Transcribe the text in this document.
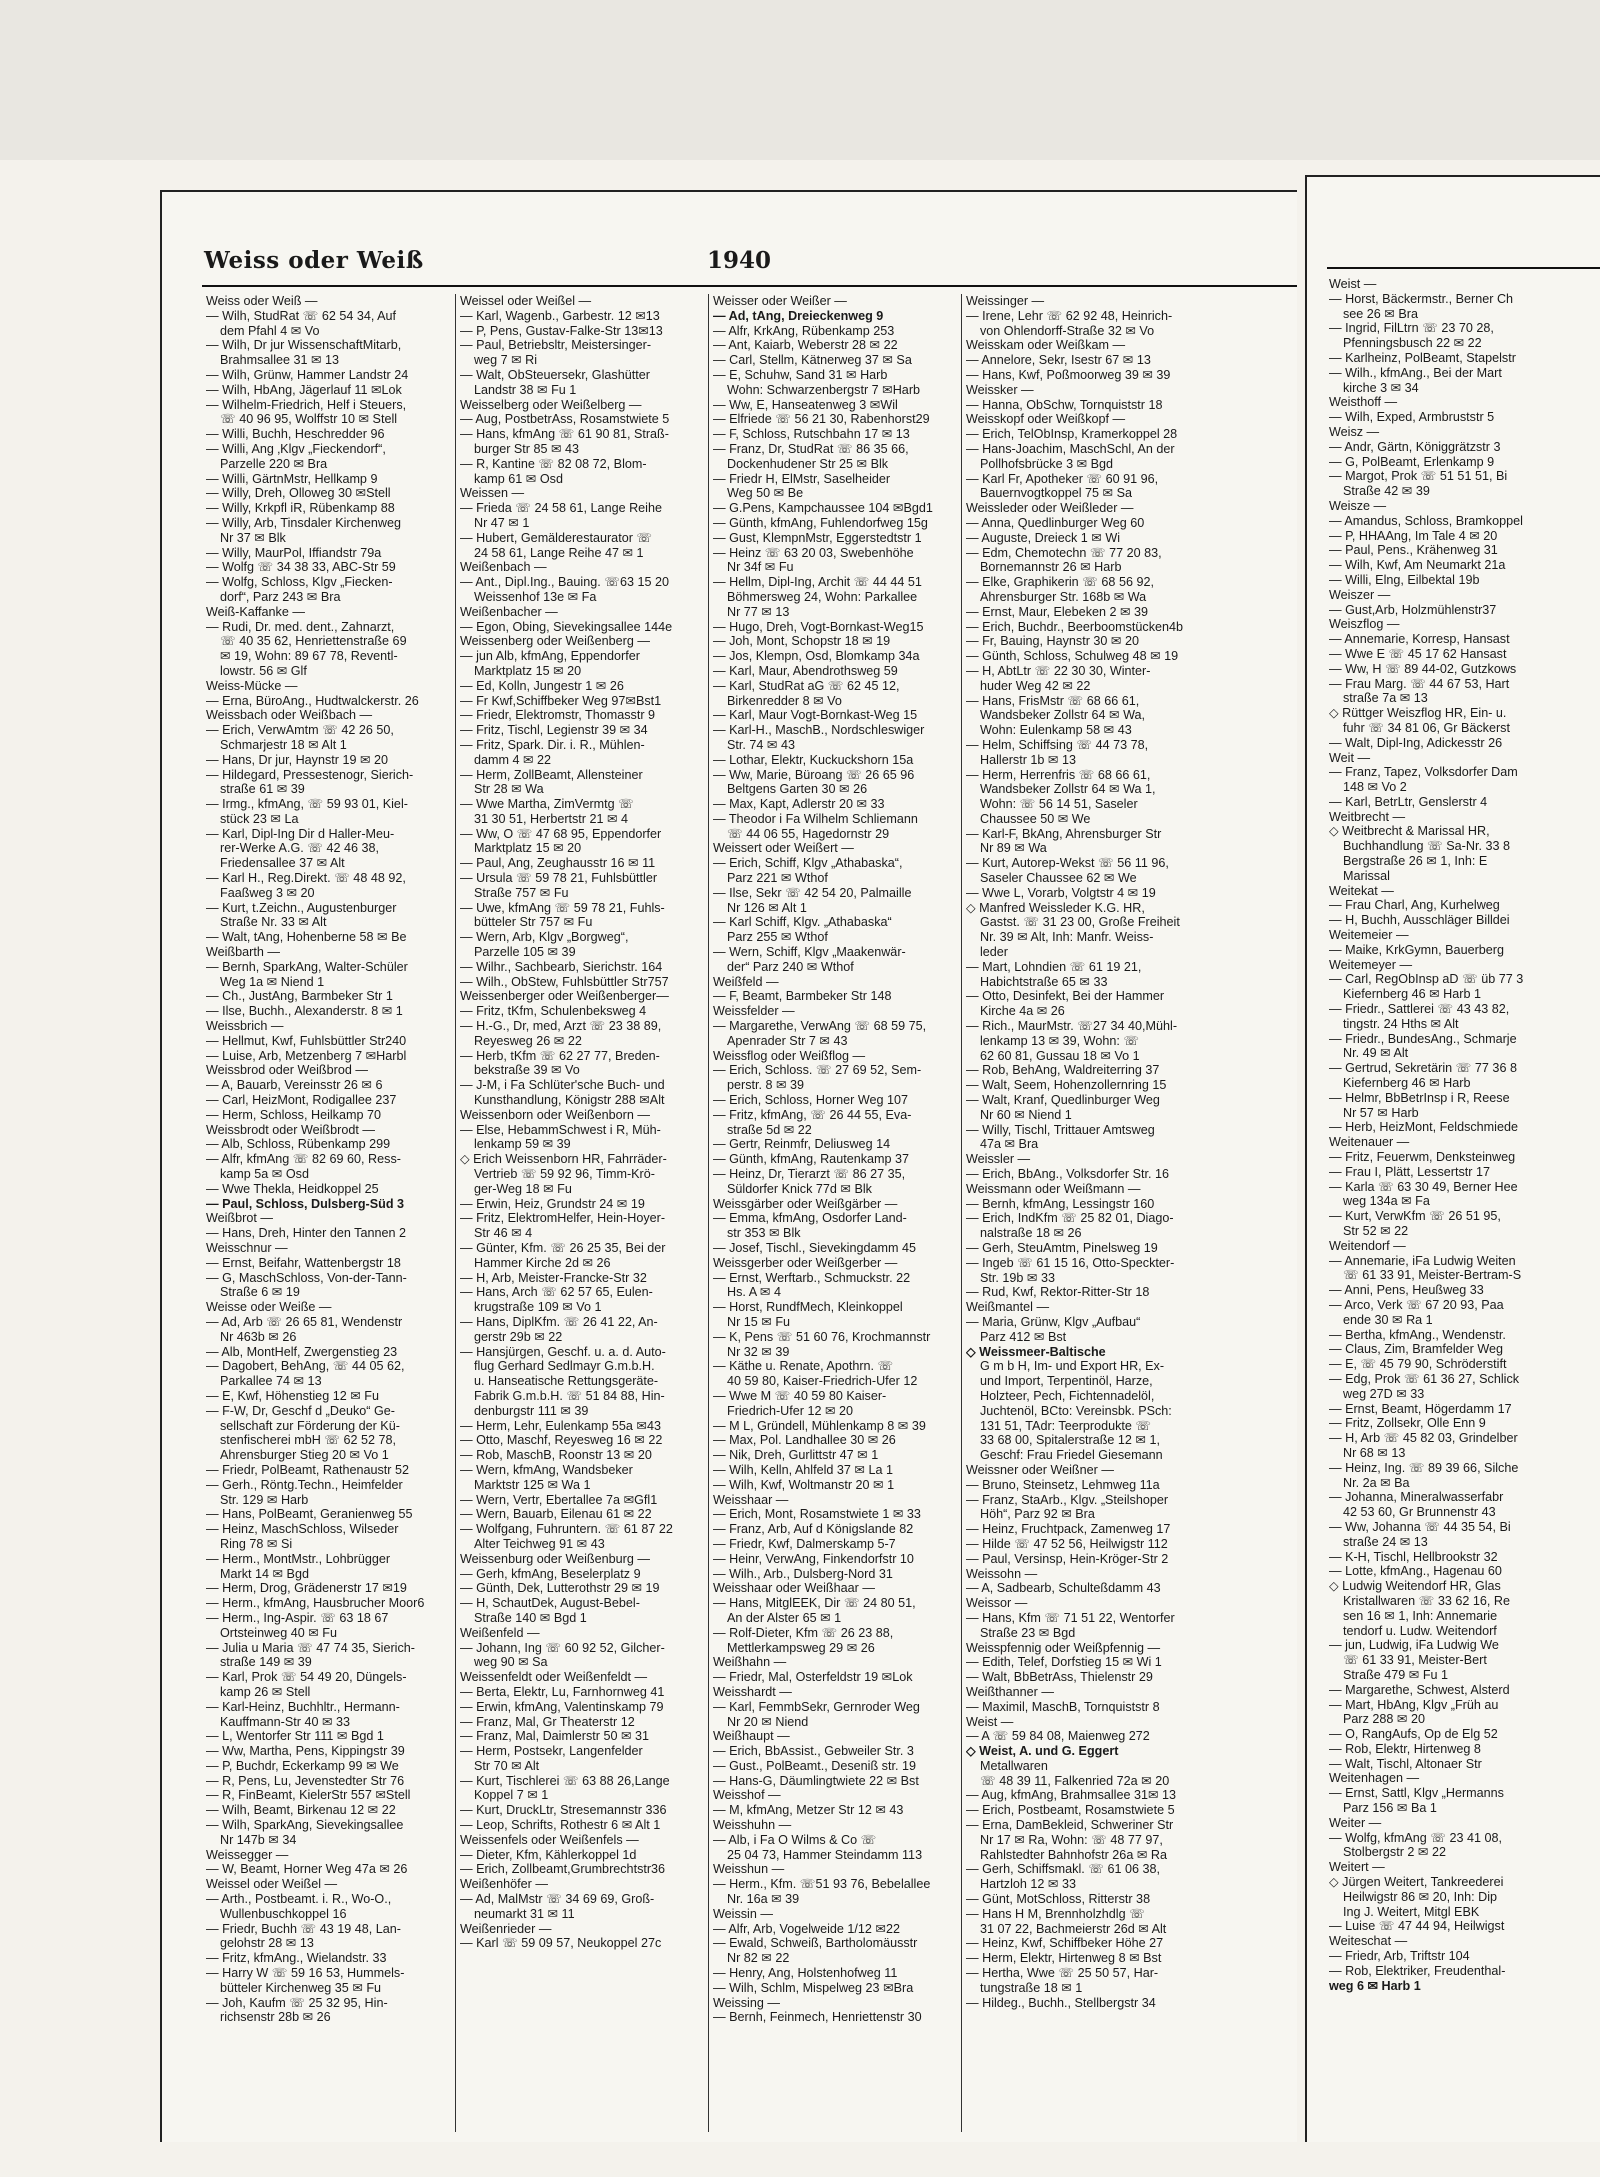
Weiss oder Weiß	1940
Weiss oder Weiß —
— Wilh, StudRat ☏ 62 54 34, Auf
dem Pfahl 4 ✉ Vo
— Wilh, Dr jur WissenschaftMitarb,
Brahmsallee 31 ✉ 13
— Wilh, Grünw, Hammer Landstr 24
— Wilh, HbAng, Jägerlauf 11 ✉Lok
— Wilhelm-Friedrich, Helf i Steuers,
☏ 40 96 95, Wolffstr 10 ✉ Stell
— Willi, Buchh, Heschredder 96
— Willi, Ang ‚Klgv „Fieckendorf“,
Parzelle 220 ✉ Bra
— Willi, GärtnMstr, Hellkamp 9
— Willy, Dreh, Olloweg 30 ✉Stell
— Willy, Krkpfl iR, Rübenkamp 88
— Willy, Arb, Tinsdaler Kirchenweg
Nr 37 ✉ Blk
— Willy, MaurPol, Iffiandstr 79a
— Wolfg ☏ 34 38 33, ABC-Str 59
— Wolfg, Schloss, Klgv „Fiecken-
dorf“, Parz 243 ✉ Bra
Weiß-Kaffanke —
— Rudi, Dr. med. dent., Zahnarzt,
☏ 40 35 62, Henriettenstraße 69
✉ 19, Wohn: 89 67 78, Reventl-
lowstr. 56 ✉ Glf
Weiss-Mücke —
— Erna, BüroAng., Hudtwalckerstr. 26
Weissbach oder Weißbach —
— Erich, VerwAmtm ☏ 42 26 50,
Schmarjestr 18 ✉ Alt 1
— Hans, Dr jur, Haynstr 19 ✉ 20
— Hildegard, Pressestenogr, Sierich-
straße 61 ✉ 39
— Irmg., kfmAng, ☏ 59 93 01, Kiel-
stück 23 ✉ La
— Karl, Dipl-Ing Dir d Haller-Meu-
rer-Werke A.G. ☏ 42 46 38,
Friedensallee 37 ✉ Alt
— Karl H., Reg.Direkt. ☏ 48 48 92,
Faaßweg 3 ✉ 20
— Kurt, t.Zeichn., Augustenburger
Straße Nr. 33 ✉ Alt
— Walt, tAng, Hohenberne 58 ✉ Be
Weißbarth —
— Bernh, SparkAng, Walter-Schüler
Weg 1a ✉ Niend 1
— Ch., JustAng, Barmbeker Str 1
— Ilse, Buchh., Alexanderstr. 8 ✉ 1
Weissbrich —
— Hellmut, Kwf, Fuhlsbüttler Str240
— Luise, Arb, Metzenberg 7 ✉Harbl
Weissbrod oder Weißbrod —
— A, Bauarb, Vereinsstr 26 ✉ 6
— Carl, HeizMont, Rodigallee 237
— Herm, Schloss, Heilkamp 70
Weissbrodt oder Weißbrodt —
— Alb, Schloss, Rübenkamp 299
— Alfr, kfmAng ☏ 82 69 60, Ress-
kamp 5a ✉ Osd
— Wwe Thekla, Heidkoppel 25
— Paul, Schloss, Dulsberg-Süd 3
Weißbrot —
— Hans, Dreh, Hinter den Tannen 2
Weisschnur —
— Ernst, Beifahr, Wattenbergstr 18
— G, MaschSchloss, Von-der-Tann-
Straße 6 ✉ 19
Weisse oder Weiße —
— Ad, Arb ☏ 26 65 81, Wendenstr
Nr 463b ✉ 26
— Alb, MontHelf, Zwergenstieg 23
— Dagobert, BehAng, ☏ 44 05 62,
Parkallee 74 ✉ 13
— E, Kwf, Höhenstieg 12 ✉ Fu
— F-W, Dr, Geschf d „Deuko“ Ge-
sellschaft zur Förderung der Kü-
stenfischerei mbH ☏ 62 52 78,
Ahrensburger Stieg 20 ✉ Vo 1
— Friedr, PolBeamt, Rathenaustr 52
— Gerh., Röntg.Techn., Heimfelder
Str. 129 ✉ Harb
— Hans, PolBeamt, Geranienweg 55
— Heinz, MaschSchloss, Wilseder
Ring 78 ✉ Si
— Herm., MontMstr., Lohbrügger
Markt 14 ✉ Bgd
— Herm, Drog, Grädenerstr 17 ✉19
— Herm., kfmAng, Hausbrucher Moor6
— Herm., Ing-Aspir. ☏ 63 18 67
Ortsteinweg 40 ✉ Fu
— Julia u Maria ☏ 47 74 35, Sierich-
straße 149 ✉ 39
— Karl, Prok ☏ 54 49 20, Düngels-
kamp 26 ✉ Stell
— Karl-Heinz, Buchhltr., Hermann-
Kauffmann-Str 40 ✉ 33
— L, Wentorfer Str 111 ✉ Bgd 1
— Ww, Martha, Pens, Kippingstr 39
— P, Buchdr, Eckerkamp 99 ✉ We
— R, Pens, Lu, Jevenstedter Str 76
— R, FinBeamt, KielerStr 557 ✉Stell
— Wilh, Beamt, Birkenau 12 ✉ 22
— Wilh, SparkAng, Sievekingsallee
Nr 147b ✉ 34
Weissegger —
— W, Beamt, Horner Weg 47a ✉ 26
Weissel oder Weißel —
— Arth., Postbeamt. i. R., Wo-O.,
Wullenbuschkoppel 16
— Friedr, Buchh ☏ 43 19 48, Lan-
gelohstr 28 ✉ 13
— Fritz, kfmAng., Wielandstr. 33
— Harry W ☏ 59 16 53, Hummels-
bütteler Kirchenweg 35 ✉ Fu
— Joh, Kaufm ☏ 25 32 95, Hin-
richsenstr 28b ✉ 26
Weissel oder Weißel —
— Karl, Wagenb., Garbestr. 12 ✉13
— P, Pens, Gustav-Falke-Str 13✉13
— Paul, Betriebsltr, Meistersinger-
weg 7 ✉ Ri
— Walt, ObSteuersekr, Glashütter
Landstr 38 ✉ Fu 1
Weisselberg oder Weißelberg —
— Aug, PostbetrAss, Rosamstwiete 5
— Hans, kfmAng ☏ 61 90 81, Straß-
burger Str 85 ✉ 43
— R, Kantine ☏ 82 08 72, Blom-
kamp 61 ✉ Osd
Weissen —
— Frieda ☏ 24 58 61, Lange Reihe
Nr 47 ✉ 1
— Hubert, Gemälderestaurator ☏
24 58 61, Lange Reihe 47 ✉ 1
Weißenbach —
— Ant., Dipl.Ing., Bauing. ☏63 15 20
Weissenhof 13e ✉ Fa
Weißenbacher —
— Egon, Obing, Sievekingsallee 144e
Weissenberg oder Weißenberg —
— jun Alb, kfmAng, Eppendorfer
Marktplatz 15 ✉ 20
— Ed, Kolln, Jungestr 1 ✉ 26
— Fr Kwf,Schiffbeker Weg 97✉Bst1
— Friedr, Elektromstr, Thomasstr 9
— Fritz, Tischl, Legienstr 39 ✉ 34
— Fritz, Spark. Dir. i. R., Mühlen-
damm 4 ✉ 22
— Herm, ZollBeamt, Allensteiner
Str 28 ✉ Wa
— Wwe Martha, ZimVermtg ☏
31 30 51, Herbertstr 21 ✉ 4
— Ww, O ☏ 47 68 95, Eppendorfer
Marktplatz 15 ✉ 20
— Paul, Ang, Zeughausstr 16 ✉ 11
— Ursula ☏ 59 78 21, Fuhlsbüttler
Straße 757 ✉ Fu
— Uwe, kfmAng ☏ 59 78 21, Fuhls-
bütteler Str 757 ✉ Fu
— Wern, Arb, Klgv „Borgweg“,
Parzelle 105 ✉ 39
— Wilhr., Sachbearb, Sierichstr. 164
— Wilh., ObStew, Fuhlsbüttler Str757
Weissenberger oder Weißenberger—
— Fritz, tKfm, Schulenbeksweg 4
— H.-G., Dr, med, Arzt ☏ 23 38 89,
Reyesweg 26 ✉ 22
— Herb, tKfm ☏ 62 27 77, Breden-
bekstraße 39 ✉ Vo
— J-M, i Fa Schlüter'sche Buch- und
Kunsthandlung, Königstr 288 ✉Alt
Weissenborn oder Weißenborn —
— Else, HebammSchwest i R, Müh-
lenkamp 59 ✉ 39
◇ Erich Weissenborn HR, Fahrräder-
Vertrieb ☏ 59 92 96, Timm-Krö-
ger-Weg 18 ✉ Fu
— Erwin, Heiz, Grundstr 24 ✉ 19
— Fritz, ElektromHelfer, Hein-Hoyer-
Str 46 ✉ 4
— Günter, Kfm. ☏ 26 25 35, Bei der
Hammer Kirche 2d ✉ 26
— H, Arb, Meister-Francke-Str 32
— Hans, Arch ☏ 62 57 65, Eulen-
krugstraße 109 ✉ Vo 1
— Hans, DiplKfm. ☏ 26 41 22, An-
gerstr 29b ✉ 22
— Hansjürgen, Geschf. u. a. d. Auto-
flug Gerhard Sedlmayr G.m.b.H.
u. Hanseatische Rettungsgeräte-
Fabrik G.m.b.H. ☏ 51 84 88, Hin-
denburgstr 111 ✉ 39
— Herm, Lehr, Eulenkamp 55a ✉43
— Otto, Maschf, Reyesweg 16 ✉ 22
— Rob, MaschB, Roonstr 13 ✉ 20
— Wern, kfmAng, Wandsbeker
Marktstr 125 ✉ Wa 1
— Wern, Vertr, Ebertallee 7a ✉Gfl1
— Wern, Bauarb, Eilenau 61 ✉ 22
— Wolfgang, Fuhruntern. ☏ 61 87 22
Alter Teichweg 91 ✉ 43
Weissenburg oder Weißenburg —
— Gerh, kfmAng, Beselerplatz 9
— Günth, Dek, Lutterothstr 29 ✉ 19
— H, SchautDek, August-Bebel-
Straße 140 ✉ Bgd 1
Weißenfeld —
— Johann, Ing ☏ 60 92 52, Gilcher-
weg 90 ✉ Sa
Weissenfeldt oder Weißenfeldt —
— Berta, Elektr, Lu, Farnhornweg 41
— Erwin, kfmAng, Valentinskamp 79
— Franz, Mal, Gr Theaterstr 12
— Franz, Mal, Daimlerstr 50 ✉ 31
— Herm, Postsekr, Langenfelder
Str 70 ✉ Alt
— Kurt, Tischlerei ☏ 63 88 26,Lange
Koppel 7 ✉ 1
— Kurt, DruckLtr, Stresemannstr 336
— Leop, Schrifts, Rothestr 6 ✉ Alt 1
Weissenfels oder Weißenfels —
— Dieter, Kfm, Kählerkoppel 1d
— Erich, Zollbeamt,Grumbrechtstr36
Weißenhöfer —
— Ad, MalMstr ☏ 34 69 69, Groß-
neumarkt 31 ✉ 11
Weißenrieder —
— Karl ☏ 59 09 57, Neukoppel 27c
Weisser oder Weißer —
— Ad, tAng, Dreieckenweg 9
— Alfr, KrkAng, Rübenkamp 253
— Ant, Kaiarb, Weberstr 28 ✉ 22
— Carl, Stellm, Kätnerweg 37 ✉ Sa
— E, Schuhw, Sand 31 ✉ Harb
Wohn: Schwarzenbergstr 7 ✉Harb
— Ww, E, Hanseatenweg 3 ✉Wil
— Elfriede ☏ 56 21 30, Rabenhorst29
— F, Schloss, Rutschbahn 17 ✉ 13
— Franz, Dr, StudRat ☏ 86 35 66,
Dockenhudener Str 25 ✉ Blk
— Friedr H, ElMstr, Saselheider
Weg 50 ✉ Be
— G.Pens, Kampchaussee 104 ✉Bgd1
— Günth, kfmAng, Fuhlendorfweg 15g
— Gust, KlempnMstr, Eggerstedtstr 1
— Heinz ☏ 63 20 03, Swebenhöhe
Nr 34f ✉ Fu
— Hellm, Dipl-Ing, Archit ☏ 44 44 51
Böhmersweg 24, Wohn: Parkallee
Nr 77 ✉ 13
— Hugo, Dreh, Vogt-Bornkast-Weg15
— Joh, Mont, Schopstr 18 ✉ 19
— Jos, Klempn, Osd, Blomkamp 34a
— Karl, Maur, Abendrothsweg 59
— Karl, StudRat aG ☏ 62 45 12,
Birkenredder 8 ✉ Vo
— Karl, Maur Vogt-Bornkast-Weg 15
— Karl-H., MaschB., Nordschleswiger
Str. 74 ✉ 43
— Lothar, Elektr, Kuckuckshorn 15a
— Ww, Marie, Büroang ☏ 26 65 96
Beltgens Garten 30 ✉ 26
— Max, Kapt, Adlerstr 20 ✉ 33
— Theodor i Fa Wilhelm Schliemann
☏ 44 06 55, Hagedornstr 29
Weissert oder Weißert —
— Erich, Schiff, Klgv „Athabaska“,
Parz 221 ✉ Wthof
— Ilse, Sekr ☏ 42 54 20, Palmaille
Nr 126 ✉ Alt 1
— Karl Schiff, Klgv. „Athabaska“
Parz 255 ✉ Wthof
— Wern, Schiff, Klgv „Maakenwär-
der“ Parz 240 ✉ Wthof
Weißfeld —
— F, Beamt, Barmbeker Str 148
Weissfelder —
— Margarethe, VerwAng ☏ 68 59 75,
Apenrader Str 7 ✉ 43
Weissflog oder Weißflog —
— Erich, Schloss. ☏ 27 69 52, Sem-
perstr. 8 ✉ 39
— Erich, Schloss, Horner Weg 107
— Fritz, kfmAng, ☏ 26 44 55, Eva-
straße 5d ✉ 22
— Gertr, Reinmfr, Deliusweg 14
— Günth, kfmAng, Rautenkamp 37
— Heinz, Dr, Tierarzt ☏ 86 27 35,
Süldorfer Knick 77d ✉ Blk
Weissgärber oder Weißgärber —
— Emma, kfmAng, Osdorfer Land-
str 353 ✉ Blk
— Josef, Tischl., Sievekingdamm 45
Weissgerber oder Weißgerber —
— Ernst, Werftarb., Schmuckstr. 22
Hs. A ✉ 4
— Horst, RundfMech, Kleinkoppel
Nr 15 ✉ Fu
— K, Pens ☏ 51 60 76, Krochmannstr
Nr 32 ✉ 39
— Käthe u. Renate, Apothrn. ☏
40 59 80, Kaiser-Friedrich-Ufer 12
— Wwe M ☏ 40 59 80 Kaiser-
Friedrich-Ufer 12 ✉ 20
— M L, Gründell, Mühlenkamp 8 ✉ 39
— Max, Pol. Landhallee 30 ✉ 26
— Nik, Dreh, Gurlittstr 47 ✉ 1
— Wilh, Kelln, Ahlfeld 37 ✉ La 1
— Wilh, Kwf, Woltmanstr 20 ✉ 1
Weisshaar —
— Erich, Mont, Rosamstwiete 1 ✉ 33
— Franz, Arb, Auf d Königslande 82
— Friedr, Kwf, Dalmerskamp 5-7
— Heinr, VerwAng, Finkendorfstr 10
— Wilh., Arb., Dulsberg-Nord 31
Weisshaar oder Weißhaar —
— Hans, MitglEEK, Dir ☏ 24 80 51,
An der Alster 65 ✉ 1
— Rolf-Dieter, Kfm ☏ 26 23 88,
Mettlerkampsweg 29 ✉ 26
Weißhahn —
— Friedr, Mal, Osterfeldstr 19 ✉Lok
Weisshardt —
— Karl, FemmbSekr, Gernroder Weg
Nr 20 ✉ Niend
Weißhaupt —
— Erich, BbAssist., Gebweiler Str. 3
— Gust., PolBeamt., Deseniß str. 19
— Hans-G, Däumlingtwiete 22 ✉ Bst
Weisshof —
— M, kfmAng, Metzer Str 12 ✉ 43
Weisshuhn —
— Alb, i Fa O Wilms & Co ☏
25 04 73, Hammer Steindamm 113
Weisshun —
— Herm., Kfm. ☏51 93 76, Bebelallee
Nr. 16a ✉ 39
Weissin —
— Alfr, Arb, Vogelweide 1/12 ✉22
— Ewald, Schweiß, Bartholomäusstr
Nr 82 ✉ 22
— Henry, Ang, Holstenhofweg 11
— Wilh, Schlm, Mispelweg 23 ✉Bra
Weissing —
— Bernh, Feinmech, Henriettenstr 30
Weissinger —
— Irene, Lehr ☏ 62 92 48, Heinrich-
von Ohlendorff-Straße 32 ✉ Vo
Weisskam oder Weißkam —
— Annelore, Sekr, Isestr 67 ✉ 13
— Hans, Kwf, Poßmoorweg 39 ✉ 39
Weissker —
— Hanna, ObSchw, Tornquiststr 18
Weisskopf oder Weißkopf —
— Erich, TelObInsp, Kramerkoppel 28
— Hans-Joachim, MaschSchl, An der
Pollhofsbrücke 3 ✉ Bgd
— Karl Fr, Apotheker ☏ 60 91 96,
Bauernvogtkoppel 75 ✉ Sa
Weissleder oder Weißleder —
— Anna, Quedlinburger Weg 60
— Auguste, Dreieck 1 ✉ Wi
— Edm, Chemotechn ☏ 77 20 83,
Bornemannstr 26 ✉ Harb
— Elke, Graphikerin ☏ 68 56 92,
Ahrensburger Str. 168b ✉ Wa
— Ernst, Maur, Elebeken 2 ✉ 39
— Erich, Buchdr., Beerboomstücken4b
— Fr, Bauing, Haynstr 30 ✉ 20
— Günth, Schloss, Schulweg 48 ✉ 19
— H, AbtLtr ☏ 22 30 30, Winter-
huder Weg 42 ✉ 22
— Hans, FrisMstr ☏ 68 66 61,
Wandsbeker Zollstr 64 ✉ Wa,
Wohn: Eulenkamp 58 ✉ 43
— Helm, Schiffsing ☏ 44 73 78,
Hallerstr 1b ✉ 13
— Herm, Herrenfris ☏ 68 66 61,
Wandsbeker Zollstr 64 ✉ Wa 1,
Wohn: ☏ 56 14 51, Saseler
Chaussee 50 ✉ We
— Karl-F, BkAng, Ahrensburger Str
Nr 89 ✉ Wa
— Kurt, Autorep-Wekst ☏ 56 11 96,
Saseler Chaussee 62 ✉ We
— Wwe L, Vorarb, Volgtstr 4 ✉ 19
◇ Manfred Weissleder K.G. HR,
Gastst. ☏ 31 23 00, Große Freiheit
Nr. 39 ✉ Alt, Inh: Manfr. Weiss-
leder
— Mart, Lohndien ☏ 61 19 21,
Habichtstraße 65 ✉ 33
— Otto, Desinfekt, Bei der Hammer
Kirche 4a ✉ 26
— Rich., MaurMstr. ☏27 34 40,Mühl-
lenkamp 13 ✉ 39, Wohn: ☏
62 60 81, Gussau 18 ✉ Vo 1
— Rob, BehAng, Waldreiterring 37
— Walt, Seem, Hohenzollernring 15
— Walt, Kranf, Quedlinburger Weg
Nr 60 ✉ Niend 1
— Willy, Tischl, Trittauer Amtsweg
47a ✉ Bra
Weissler —
— Erich, BbAng., Volksdorfer Str. 16
Weissmann oder Weißmann —
— Bernh, kfmAng, Lessingstr 160
— Erich, IndKfm ☏ 25 82 01, Diago-
nalstraße 18 ✉ 26
— Gerh, SteuAmtm, Pinelsweg 19
— Ingeb ☏ 61 15 16, Otto-Speckter-
Str. 19b ✉ 33
— Rud, Kwf, Rektor-Ritter-Str 18
Weißmantel —
— Maria, Grünw, Klgv „Aufbau“
Parz 412 ✉ Bst
◇ Weissmeer-Baltische
G m b H, Im- und Export HR, Ex-
und Import, Terpentinöl, Harze,
Holzteer, Pech, Fichtennadelöl,
Juchtenöl, BCto: Vereinsbk. PSch:
131 51, TAdr: Teerprodukte ☏
33 68 00, Spitalerstraße 12 ✉ 1,
Geschf: Frau Friedel Giesemann
Weissner oder Weißner —
— Bruno, Steinsetz, Lehmweg 11a
— Franz, StaArb., Klgv. „Steilshoper
Höh“, Parz 92 ✉ Bra
— Heinz, Fruchtpack, Zamenweg 17
— Hilde ☏ 47 52 56, Heilwigstr 112
— Paul, Versinsp, Hein-Kröger-Str 2
Weissohn —
— A, Sadbearb, Schulteßdamm 43
Weissor —
— Hans, Kfm ☏ 71 51 22, Wentorfer
Straße 23 ✉ Bgd
Weisspfennig oder Weißpfennig —
— Edith, Telef, Dorfstieg 15 ✉ Wi 1
— Walt, BbBetrAss, Thielenstr 29
Weißthanner —
— Maximil, MaschB, Tornquiststr 8
Weist —
— A ☏ 59 84 08, Maienweg 272
◇ Weist, A. und G. Eggert
Metallwaren
☏ 48 39 11, Falkenried 72a ✉ 20
— Aug, kfmAng, Brahmsallee 31✉ 13
— Erich, Postbeamt, Rosamstwiete 5
— Erna, DamBekleid, Schweriner Str
Nr 17 ✉ Ra, Wohn: ☏ 48 77 97,
Rahlstedter Bahnhofstr 26a ✉ Ra
— Gerh, Schiffsmakl. ☏ 61 06 38,
Hartzloh 12 ✉ 33
— Günt, MotSchloss, Ritterstr 38
— Hans H M, Brennholzhdlg ☏
31 07 22, Bachmeierstr 26d ✉ Alt
— Heinz, Kwf, Schiffbeker Höhe 27
— Herm, Elektr, Hirtenweg 8 ✉ Bst
— Hertha, Wwe ☏ 25 50 57, Har-
tungstraße 18 ✉ 1
— Hildeg., Buchh., Stellbergstr 34
Weist —
— Horst, Bäckermstr., Berner Ch
see 26 ✉ Bra
— Ingrid, FilLtrn ☏ 23 70 28,
Pfenningsbusch 22 ✉ 22
— Karlheinz, PolBeamt, Stapelstr
— Wilh., kfmAng., Bei der Mart
kirche 3 ✉ 34
Weisthoff —
— Wilh, Exped, Armbruststr 5
Weisz —
— Andr, Gärtn, Königgrätzstr 3
— G, PolBeamt, Erlenkamp 9
— Margot, Prok ☏ 51 51 51, Bi
Straße 42 ✉ 39
Weisze —
— Amandus, Schloss, Bramkoppel
— P, HHAAng, Im Tale 4 ✉ 20
— Paul, Pens., Krähenweg 31
— Wilh, Kwf, Am Neumarkt 21a
— Willi, Elng, Eilbektal 19b
Weiszer —
— Gust,Arb, Holzmühlenstr37
Weiszflog —
— Annemarie, Korresp, Hansast
— Wwe E ☏ 45 17 62 Hansast
— Ww, H ☏ 89 44-02, Gutzkows
— Frau Marg. ☏ 44 67 53, Hart
straße 7a ✉ 13
◇ Rüttger Weiszflog HR, Ein- u.
fuhr ☏ 34 81 06, Gr Bäckerst
— Walt, Dipl-Ing, Adickesstr 26
Weit —
— Franz, Tapez, Volksdorfer Dam
148 ✉ Vo 2
— Karl, BetrLtr, Genslerstr 4
Weitbrecht —
◇ Weitbrecht & Marissal HR,
Buchhandlung ☏ Sa-Nr. 33 8
Bergstraße 26 ✉ 1, Inh: E
Marissal
Weitekat —
— Frau Charl, Ang, Kurhelweg
— H, Buchh, Ausschläger Billdei
Weitemeier —
— Maike, KrkGymn, Bauerberg
Weitemeyer —
— Carl, RegObInsp aD ☏ üb 77 3
Kiefernberg 46 ✉ Harb 1
— Friedr., Sattlerei ☏ 43 43 82,
tingstr. 24 Hths ✉ Alt
— Friedr., BundesAng., Schmarje
Nr. 49 ✉ Alt
— Gertrud, Sekretärin ☏ 77 36 8
Kiefernberg 46 ✉ Harb
— Helmr, BbBetrInsp i R, Reese
Nr 57 ✉ Harb
— Herb, HeizMont, Feldschmiede
Weitenauer —
— Fritz, Feuerwm, Denksteinweg
— Frau I, Plätt, Lessertstr 17
— Karla ☏ 63 30 49, Berner Hee
weg 134a ✉ Fa
— Kurt, VerwKfm ☏ 26 51 95,
Str 52 ✉ 22
Weitendorf —
— Annemarie, iFa Ludwig Weiten
☏ 61 33 91, Meister-Bertram-S
— Anni, Pens, Heußweg 33
— Arco, Verk ☏ 67 20 93, Paa
ende 30 ✉ Ra 1
— Bertha, kfmAng., Wendenstr.
— Claus, Zim, Bramfelder Weg
— E, ☏ 45 79 90, Schröderstift
— Edg, Prok ☏ 61 36 27, Schlick
weg 27D ✉ 33
— Ernst, Beamt, Högerdamm 17
— Fritz, Zollsekr, Olle Enn 9
— H, Arb ☏ 45 82 03, Grindelber
Nr 68 ✉ 13
— Heinz, Ing. ☏ 89 39 66, Silche
Nr. 2a ✉ Ba
— Johanna, Mineralwasserfabr
42 53 60, Gr Brunnenstr 43
— Ww, Johanna ☏ 44 35 54, Bi
straße 24 ✉ 13
— K-H, Tischl, Hellbrookstr 32
— Lotte, kfmAng., Hagenau 60
◇ Ludwig Weitendorf HR, Glas
Kristallwaren ☏ 33 62 16, Re
sen 16 ✉ 1, Inh: Annemarie
tendorf u. Ludw. Weitendorf
— jun, Ludwig, iFa Ludwig We
☏ 61 33 91, Meister-Bert
Straße 479 ✉ Fu 1
— Margarethe, Schwest, Alsterd
— Mart, HbAng, Klgv „Früh au
Parz 288 ✉ 20
— O, RangAufs, Op de Elg 52
— Rob, Elektr, Hirtenweg 8
— Walt, Tischl, Altonaer Str
Weitenhagen —
— Ernst, Sattl, Klgv „Hermanns
Parz 156 ✉ Ba 1
Weiter —
— Wolfg, kfmAng ☏ 23 41 08,
Stolbergstr 2 ✉ 22
Weitert —
◇ Jürgen Weitert, Tankreederei
Heilwigstr 86 ✉ 20, Inh: Dip
Ing J. Weitert, Mitgl EBK
— Luise ☏ 47 44 94, Heilwigst
Weiteschat —
— Friedr, Arb, Triftstr 104
— Rob, Elektriker, Freudenthal-
weg 6 ✉ Harb 1
